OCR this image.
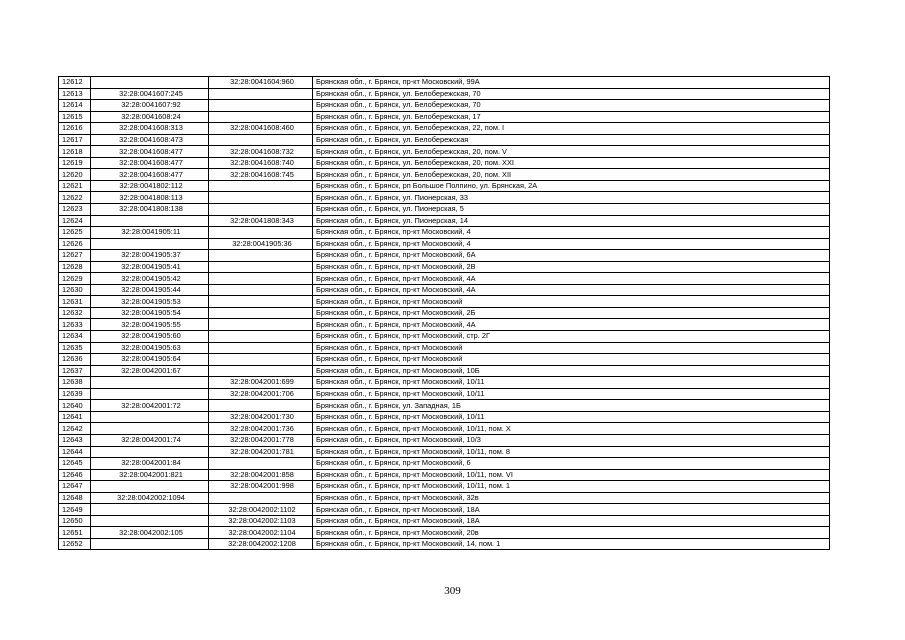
12612		32:28:0041604:960	Брянская обл., г. Брянск, пр-кт Московский, 99А
12613	32:28:0041607:245		Брянская обл., г. Брянск, ул. Белобережская, 70
12614	32:28:0041607:92		Брянская обл., г. Брянск, ул. Белобережская, 70
12615	32:28:0041608:24		Брянская обл., г. Брянск, ул. Белобережская, 17
12616	32:28:0041608:313	32:28:0041608:460	Брянская обл., г. Брянск, ул. Белобережская, 22, пом. I
12617	32:28:0041608:473		Брянская обл., г. Брянск, ул. Белобережская
12618	32:28:0041608:477	32:28:0041608:732	Брянская обл., г. Брянск, ул. Белобережская, 20, пом. V
12619	32:28:0041608:477	32:28:0041608:740	Брянская обл., г. Брянск, ул. Белобережская, 20, пом. XXI
12620	32:28:0041608:477	32:28:0041608:745	Брянская обл., г. Брянск, ул. Белобережская, 20, пом. XII
12621	32:28:0041802:112		Брянская обл., г. Брянск, рп Большое Полпино, ул. Брянская, 2А
12622	32:28:0041808:113		Брянская обл., г. Брянск, ул. Пионерская, 33
12623	32:28:0041808:138		Брянская обл., г. Брянск, ул. Пионерская, 5
12624		32:28:0041808:343	Брянская обл., г. Брянск, ул. Пионерская, 14
12625	32:28:0041905:11		Брянская обл., г. Брянск, пр-кт Московский, 4
12626		32:28:0041905:36	Брянская обл., г. Брянск, пр-кт Московский, 4
12627	32:28:0041905:37		Брянская обл., г. Брянск, пр-кт Московский, 6А
12628	32:28:0041905:41		Брянская обл., г. Брянск, пр-кт Московский, 2В
12629	32:28:0041905:42		Брянская обл., г. Брянск, пр-кт Московский, 4А
12630	32:28:0041905:44		Брянская обл., г. Брянск, пр-кт Московский, 4А
12631	32:28:0041905:53		Брянская обл., г. Брянск, пр-кт Московский
12632	32:28:0041905:54		Брянская обл., г. Брянск, пр-кт Московский, 2Б
12633	32:28:0041905:55		Брянская обл., г. Брянск, пр-кт Московский, 4А
12634	32:28:0041905:60		Брянская обл., г. Брянск, пр-кт Московский, стр. 2Г
12635	32:28:0041905:63		Брянская обл., г. Брянск, пр-кт Московский
12636	32:28:0041905:64		Брянская обл., г. Брянск, пр-кт Московский
12637	32:28:0042001:67		Брянская обл., г. Брянск, пр-кт Московский, 10Б
12638		32:28:0042001:699	Брянская обл., г. Брянск, пр-кт Московский, 10/11
12639		32:28:0042001:706	Брянская обл., г. Брянск, пр-кт Московский, 10/11
12640	32:28:0042001:72		Брянская обл., г. Брянск, ул. Западная, 1Б
12641		32:28:0042001:730	Брянская обл., г. Брянск, пр-кт Московский, 10/11
12642		32:28:0042001:736	Брянская обл., г. Брянск, пр-кт Московский, 10/11, пом. Х
12643	32:28:0042001:74	32:28:0042001:778	Брянская обл., г. Брянск, пр-кт Московский, 10/3
12644		32:28:0042001:781	Брянская обл., г. Брянск, пр-кт Московский, 10/11, пом. 8
12645	32:28:0042001:84		Брянская обл., г. Брянск, пр-кт Московский, 6
12646	32:28:0042001:821	32:28:0042001:858	Брянская обл., г. Брянск, пр-кт Московский, 10/11, пом. VI
12647		32:28:0042001:998	Брянская обл., г. Брянск, пр-кт Московский, 10/11, пом. 1
12648	32:28:0042002:1094		Брянская обл., г. Брянск, пр-кт Московский, 32в
12649		32:28:0042002:1102	Брянская обл., г. Брянск, пр-кт Московский, 18А
12650		32:28:0042002:1103	Брянская обл., г. Брянск, пр-кт Московский, 18А
12651	32:28:0042002:105	32:28:0042002:1104	Брянская обл., г. Брянск, пр-кт Московский, 20в
12652		32:28:0042002:1208	Брянская обл., г. Брянск, пр-кт Московский, 14, пом. 1
309
